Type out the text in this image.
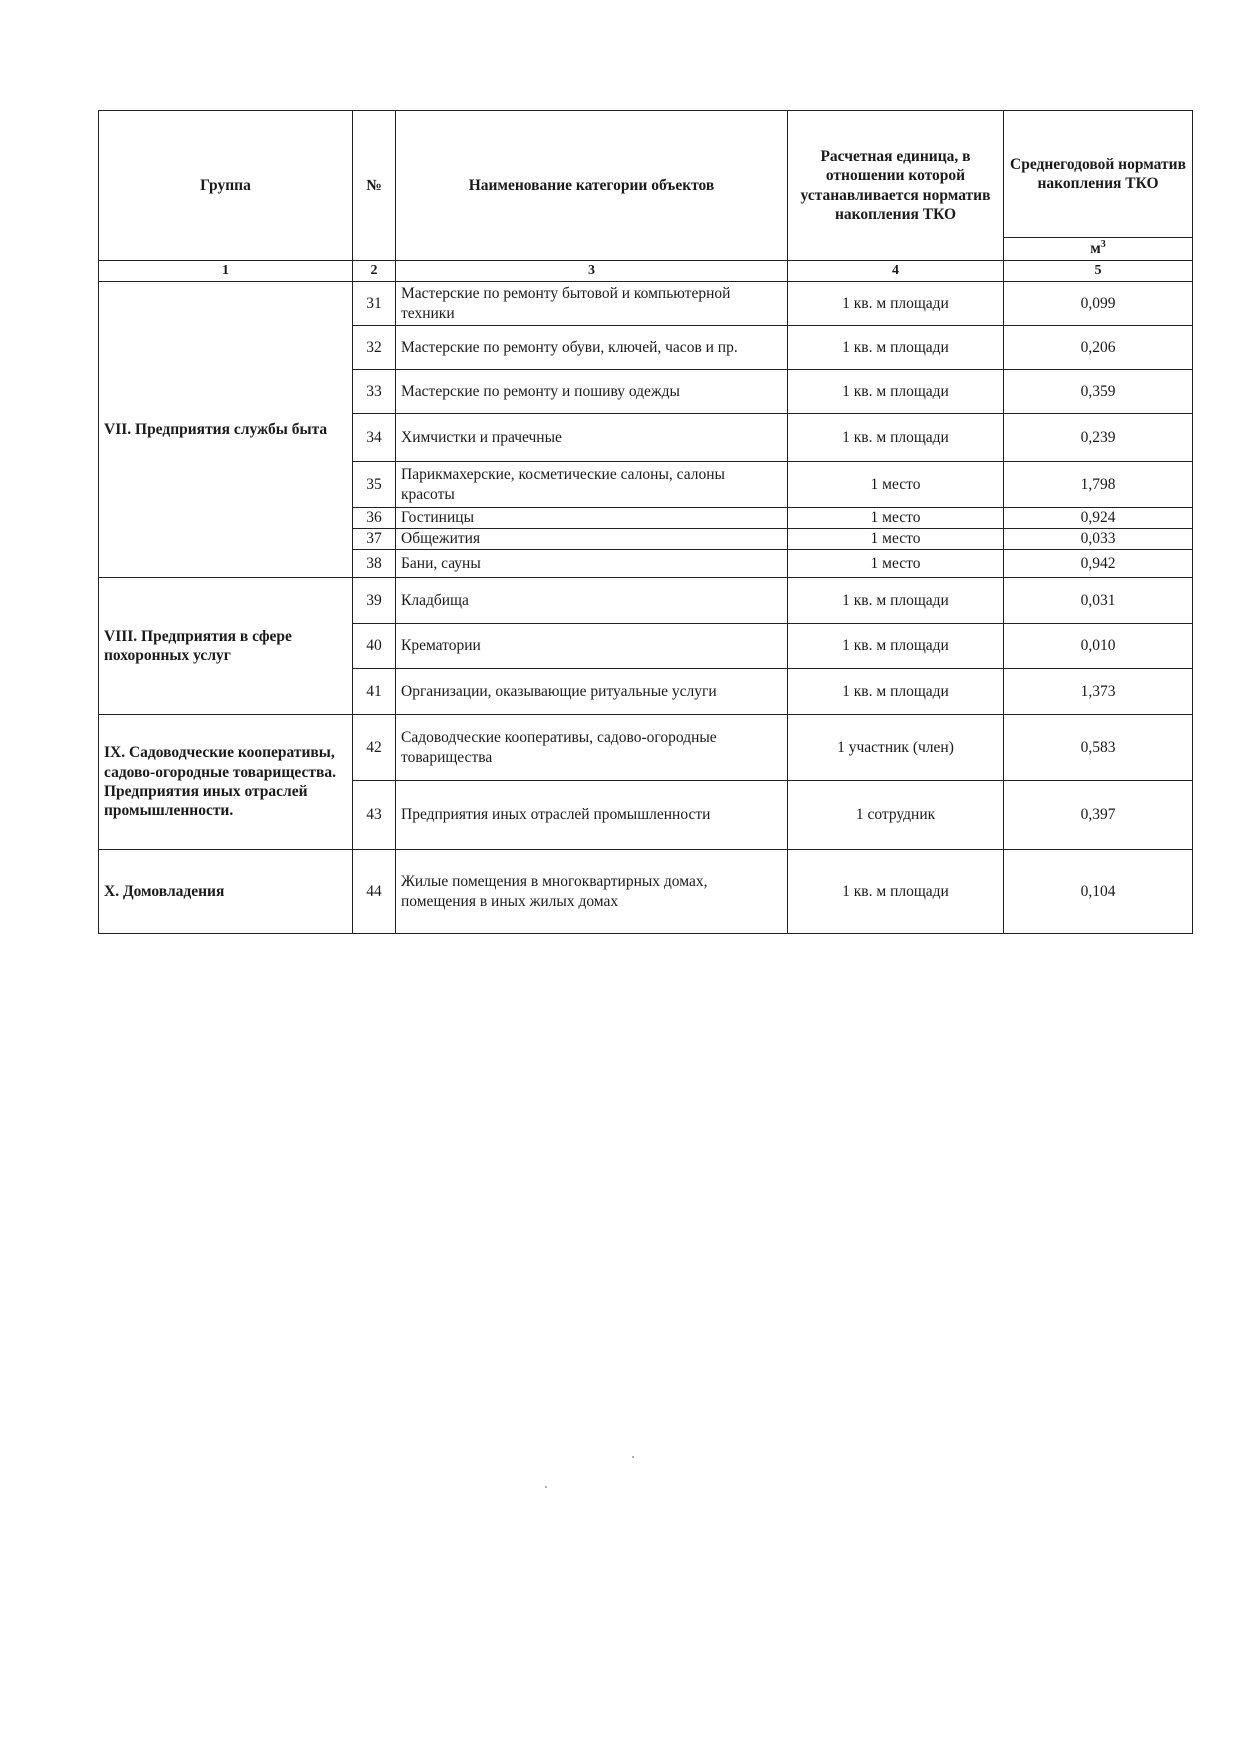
Группа	№	Наименование категории объектов	Расчетная единица, в отношении которой устанавливается норматив накопления ТКО	Среднегодовой норматив накопления ТКО
				$м^3$
1	2	3	4	5
VII. Предприятия службы быта	31	Мастерские по ремонту бытовой и компьютерной техники	1 кв. м площади	0,099
	32	Мастерские по ремонту обуви, ключей, часов и пр.	1 кв. м площади	0,206
	33	Мастерские по ремонту и пошиву одежды	1 кв. м площади	0,359
	34	Химчистки и прачечные	1 кв. м площади	0,239
	35	Парикмахерские, косметические салоны, салоны красоты	1 место	1,798
	36	Гостиницы	1 место	0,924
	37	Общежития	1 место	0,033
	38	Бани, сауны	1 место	0,942
VIII. Предприятия в сфере похоронных услуг	39	Кладбища	1 кв. м площади	0,031
	40	Крематории	1 кв. м площади	0,010
	41	Организации, оказывающие ритуальные услуги	1 кв. м площади	1,373
IX. Садоводческие кооперативы, садово-огородные товарищества. Предприятия иных отраслей промышленности.	42	Садоводческие кооперативы, садово-огородные товарищества	1 участник (член)	0,583
	43	Предприятия иных отраслей промышленности	1 сотрудник	0,397
X. Домовладения	44	Жилые помещения в многоквартирных домах, помещения в иных жилых домах	1 кв. м площади	0,104
